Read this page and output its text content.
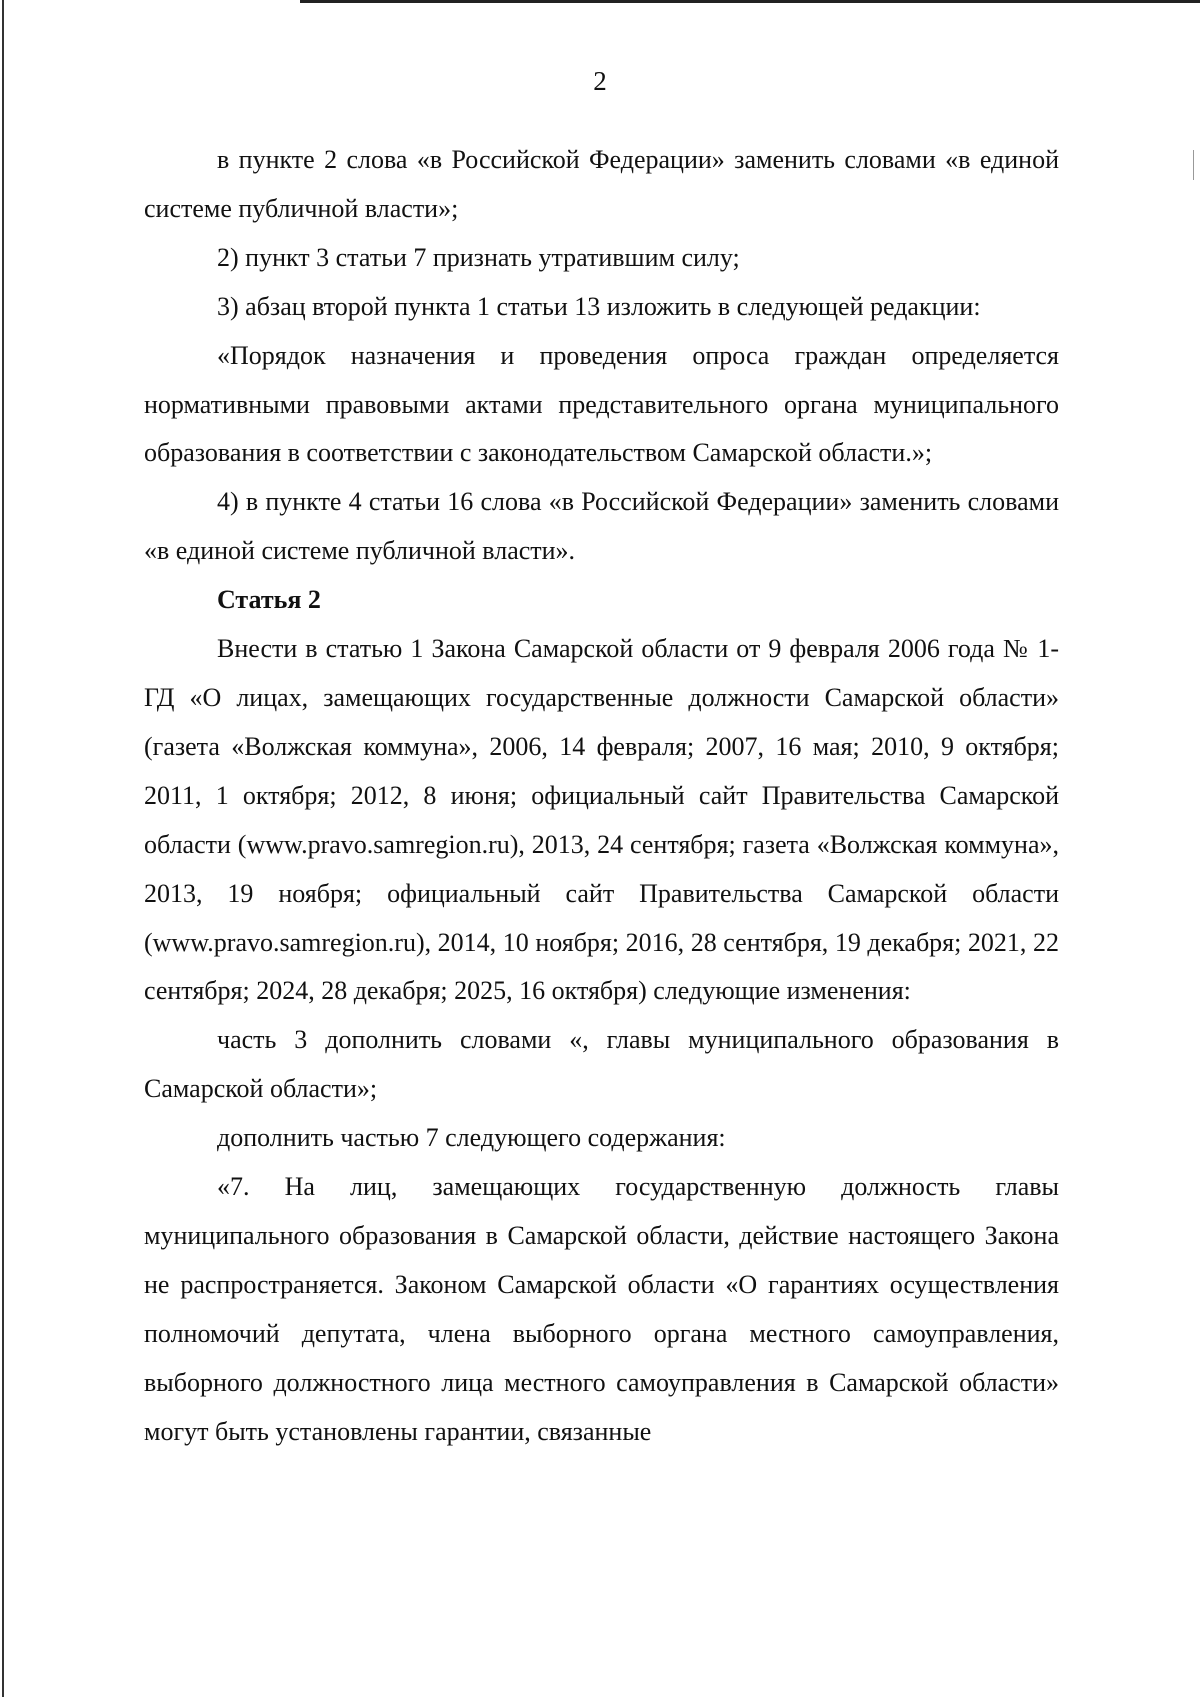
2

в пункте 2 слова «в Российской Федерации» заменить словами «в единой системе публичной власти»;

2) пункт 3 статьи 7 признать утратившим силу;

3) абзац второй пункта 1 статьи 13 изложить в следующей редакции:

«Порядок назначения и проведения опроса граждан определяется нормативными правовыми актами представительного органа муниципального образования в соответствии с законодательством Самарской области.»;

4) в пункте 4 статьи 16 слова «в Российской Федерации» заменить словами «в единой системе публичной власти».

Статья 2

Внести в статью 1 Закона Самарской области от 9 февраля 2006 года № 1-ГД «О лицах, замещающих государственные должности Самарской области» (газета «Волжская коммуна», 2006, 14 февраля; 2007, 16 мая; 2010, 9 октября; 2011, 1 октября; 2012, 8 июня; официальный сайт Правительства Самарской области (www.pravo.samregion.ru), 2013, 24 сентября; газета «Волжская коммуна», 2013, 19 ноября; официальный сайт Правительства Самарской области (www.pravo.samregion.ru), 2014, 10 ноября; 2016, 28 сентября, 19 декабря; 2021, 22 сентября; 2024, 28 декабря; 2025, 16 октября) следующие изменения:

часть 3 дополнить словами «, главы муниципального образования в Самарской области»;

дополнить частью 7 следующего содержания:

«7. На лиц, замещающих государственную должность главы муниципального образования в Самарской области, действие настоящего Закона не распространяется. Законом Самарской области «О гарантиях осуществления полномочий депутата, члена выборного органа местного самоуправления, выборного должностного лица местного самоуправления в Самарской области» могут быть установлены гарантии, связанные
